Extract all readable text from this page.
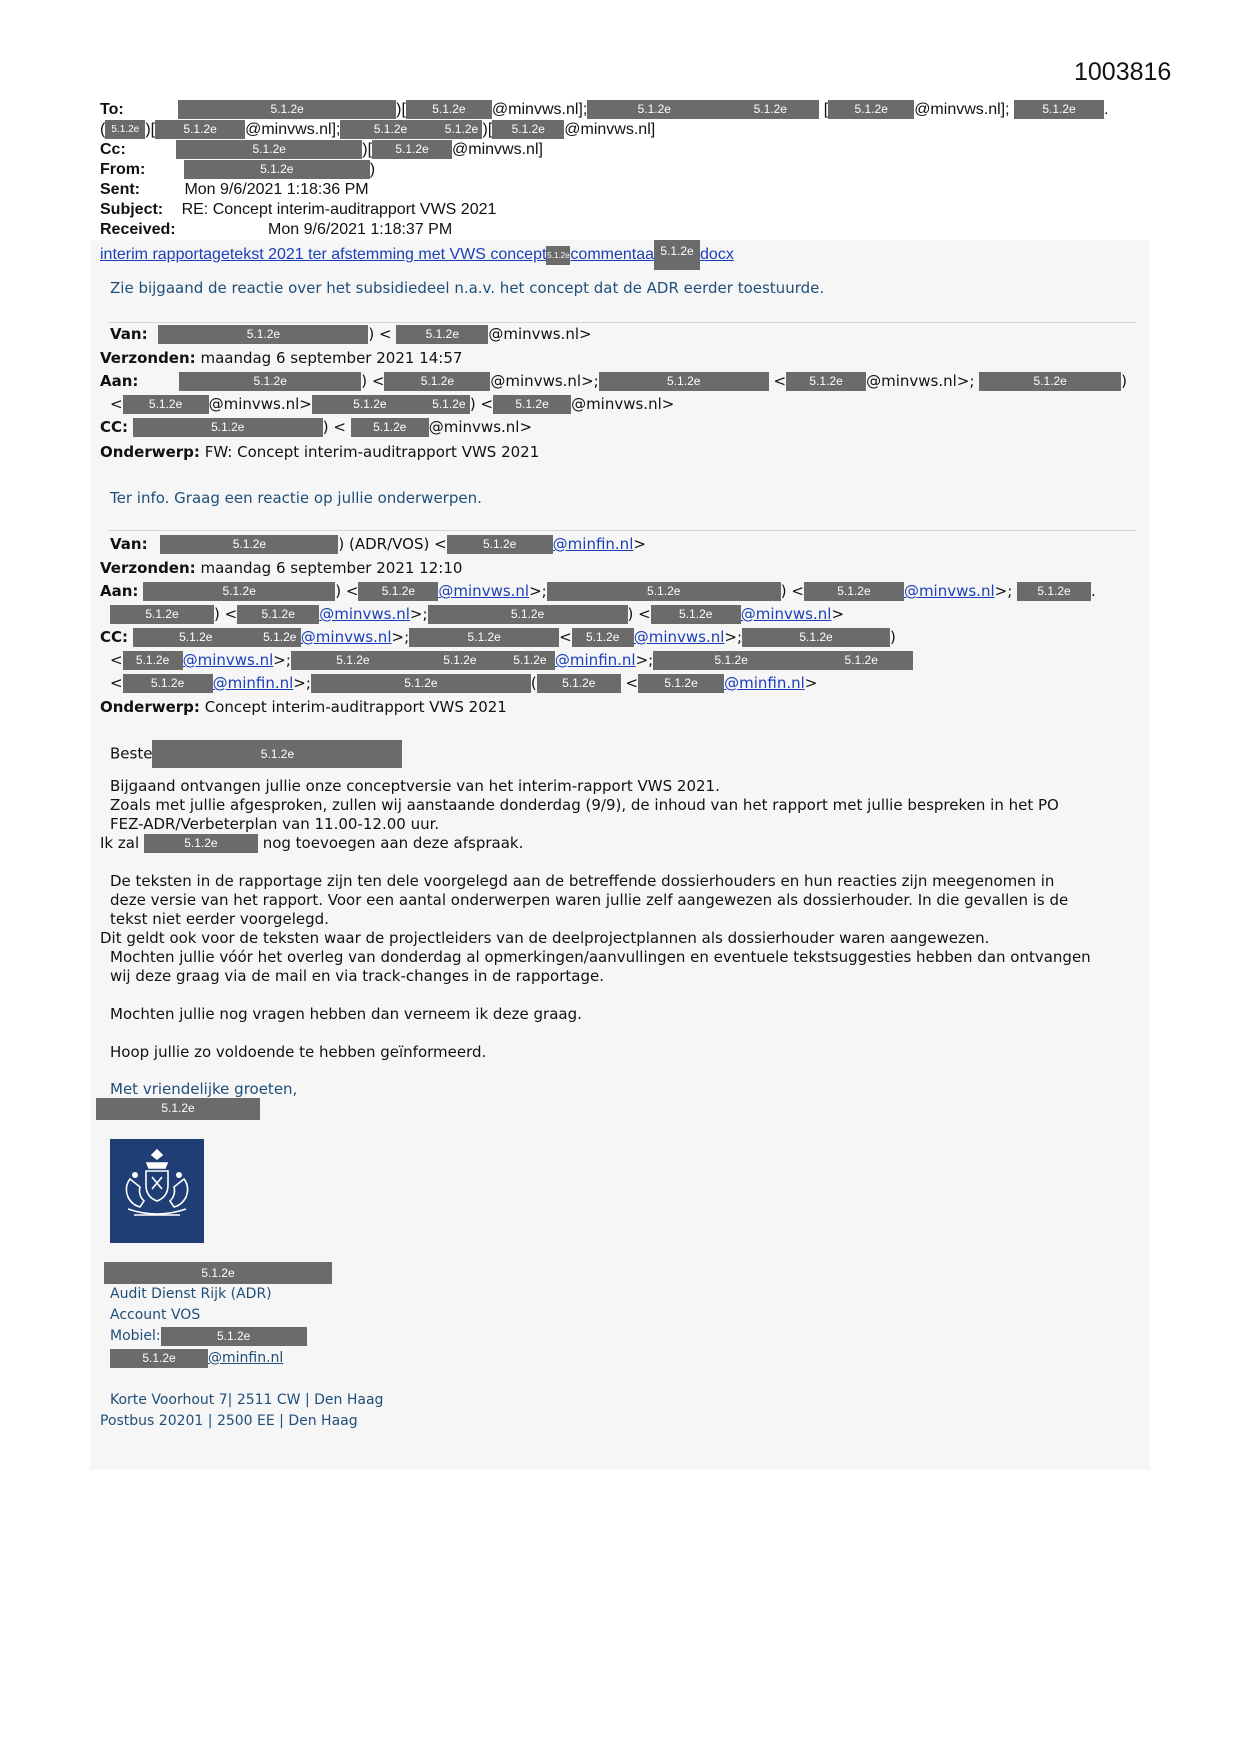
1003816
To:	5.1.2e	)[ 5.1.2e @minvws.nl];	5.1.2e	5.1.2e [ 5.1.2e @minvws.nl]; 5.1.2e .
( 5.1.2e )[ 5.1.2e @minvws.nl];	5.1.2e	5.1.2e )[ 5.1.2e @minvws.nl]
Cc:	5.1.2e	)[ 5.1.2e @minvws.nl]
From:	5.1.2e	)
Sent:	Mon 9/6/2021 1:18:36 PM
Subject: RE: Concept interim-auditrapport VWS 2021
Received:	Mon 9/6/2021 1:18:37 PM
interim rapportagetekst 2021 ter afstemming met VWS concept5.1.2ecommentaa 5.1.2e docx
Zie bijgaand de reactie over het subsidiedeel n.a.v. het concept dat de ADR eerder toestuurde.
Van:	5.1.2e	) < 5.1.2e @minvws.nl>
Verzonden: maandag 6 september 2021 14:57
Aan:	5.1.2e	) <	5.1.2e @minvws.nl>;	5.1.2e	< 5.1.2e @minvws.nl>;	5.1.2e	)
< 5.1.2e @minvws.nl>	5.1.2e	5.1.2e ) < 5.1.2e @minvws.nl>
CC:	5.1.2e	) < 5.1.2e @minvws.nl>
Onderwerp: FW: Concept interim-auditrapport VWS 2021
Ter info. Graag een reactie op jullie onderwerpen.
Van:	5.1.2e	) (ADR/VOS) <	5.1.2e @minfin.nl>
Verzonden: maandag 6 september 2021 12:10
Aan:	5.1.2e	) < 5.1.2e @minvws.nl>;	5.1.2e	) <	5.1.2e @minvws.nl>; 5.1.2e .
5.1.2e ) < 5.1.2e @minvws.nl>;	5.1.2e	) < 5.1.2e @minvws.nl>
CC:	5.1.2e	5.1.2e @minvws.nl>;	5.1.2e	< 5.1.2e @minvws.nl>;	5.1.2e	)
< 5.1.2e @minvws.nl>;	5.1.2e	5.1.2e	5.1.2e @minfin.nl>;	5.1.2e	5.1.2e
< 5.1.2e @minfin.nl>;	5.1.2e	( 5.1.2e < 5.1.2e @minfin.nl>
Onderwerp: Concept interim-auditrapport VWS 2021
Beste	5.1.2e
Bijgaand ontvangen jullie onze conceptversie van het interim-rapport VWS 2021.
Zoals met jullie afgesproken, zullen wij aanstaande donderdag (9/9), de inhoud van het rapport met jullie bespreken in het PO
FEZ-ADR/Verbeterplan van 11.00-12.00 uur.
Ik zal	5.1.2e	nog toevoegen aan deze afspraak.
De teksten in de rapportage zijn ten dele voorgelegd aan de betreffende dossierhouders en hun reacties zijn meegenomen in
deze versie van het rapport. Voor een aantal onderwerpen waren jullie zelf aangewezen als dossierhouder. In die gevallen is de
tekst niet eerder voorgelegd.
Dit geldt ook voor de teksten waar de projectleiders van de deelprojectplannen als dossierhouder waren aangewezen.
Mochten jullie vóór het overleg van donderdag al opmerkingen/aanvullingen en eventuele tekstsuggesties hebben dan ontvangen
wij deze graag via de mail en via track-changes in de rapportage.
Mochten jullie nog vragen hebben dan verneem ik deze graag.
Hoop jullie zo voldoende te hebben geïnformeerd.
Met vriendelijke groeten,
5.1.2e
5.1.2e
Audit Dienst Rijk (ADR)
Account VOS
Mobiel:	5.1.2e
5.1.2e @minfin.nl
Korte Voorhout 7| 2511 CW | Den Haag
Postbus 20201 | 2500 EE | Den Haag
